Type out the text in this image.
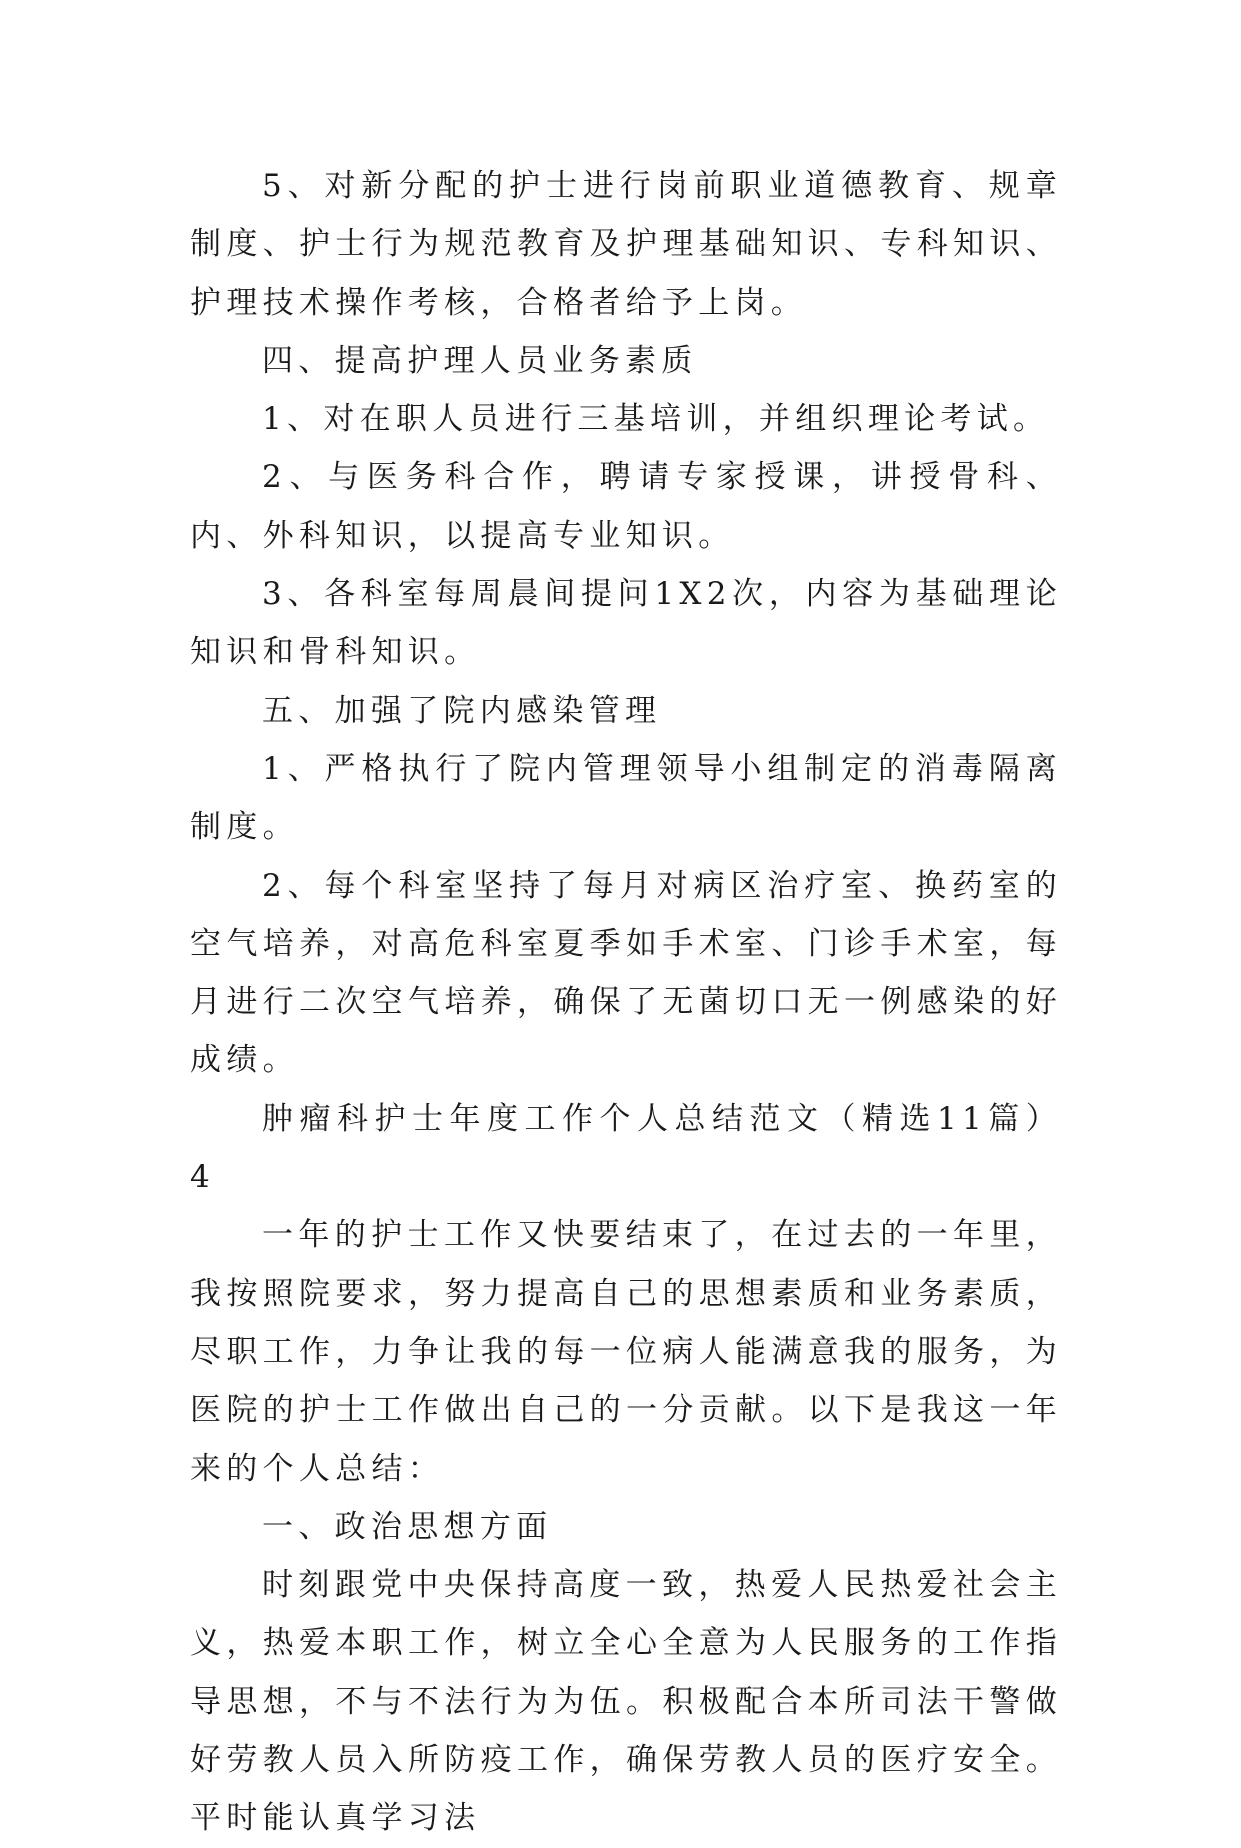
5、对新分配的护士进行岗前职业道德教育、规章制度、护士行为规范教育及护理基础知识、专科知识、护理技术操作考核，合格者给予上岗。

四、提高护理人员业务素质

1、对在职人员进行三基培训，并组织理论考试。

2、与医务科合作，聘请专家授课，讲授骨科、内、外科知识，以提高专业知识。

3、各科室每周晨间提问1X2次，内容为基础理论知识和骨科知识。

五、加强了院内感染管理

1、严格执行了院内管理领导小组制定的消毒隔离制度。

2、每个科室坚持了每月对病区治疗室、换药室的空气培养，对高危科室夏季如手术室、门诊手术室，每月进行二次空气培养，确保了无菌切口无一例感染的好成绩。

肿瘤科护士年度工作个人总结范文（精选11篇）4

一年的护士工作又快要结束了，在过去的一年里，我按照院要求，努力提高自己的思想素质和业务素质，尽职工作，力争让我的每一位病人能满意我的服务，为医院的护士工作做出自己的一分贡献。以下是我这一年来的个人总结：

一、政治思想方面

时刻跟党中央保持高度一致，热爱人民热爱社会主义，热爱本职工作，树立全心全意为人民服务的工作指导思想，不与不法行为为伍。积极配合本所司法干警做好劳教人员入所防疫工作，确保劳教人员的医疗安全。平时能认真学习法
